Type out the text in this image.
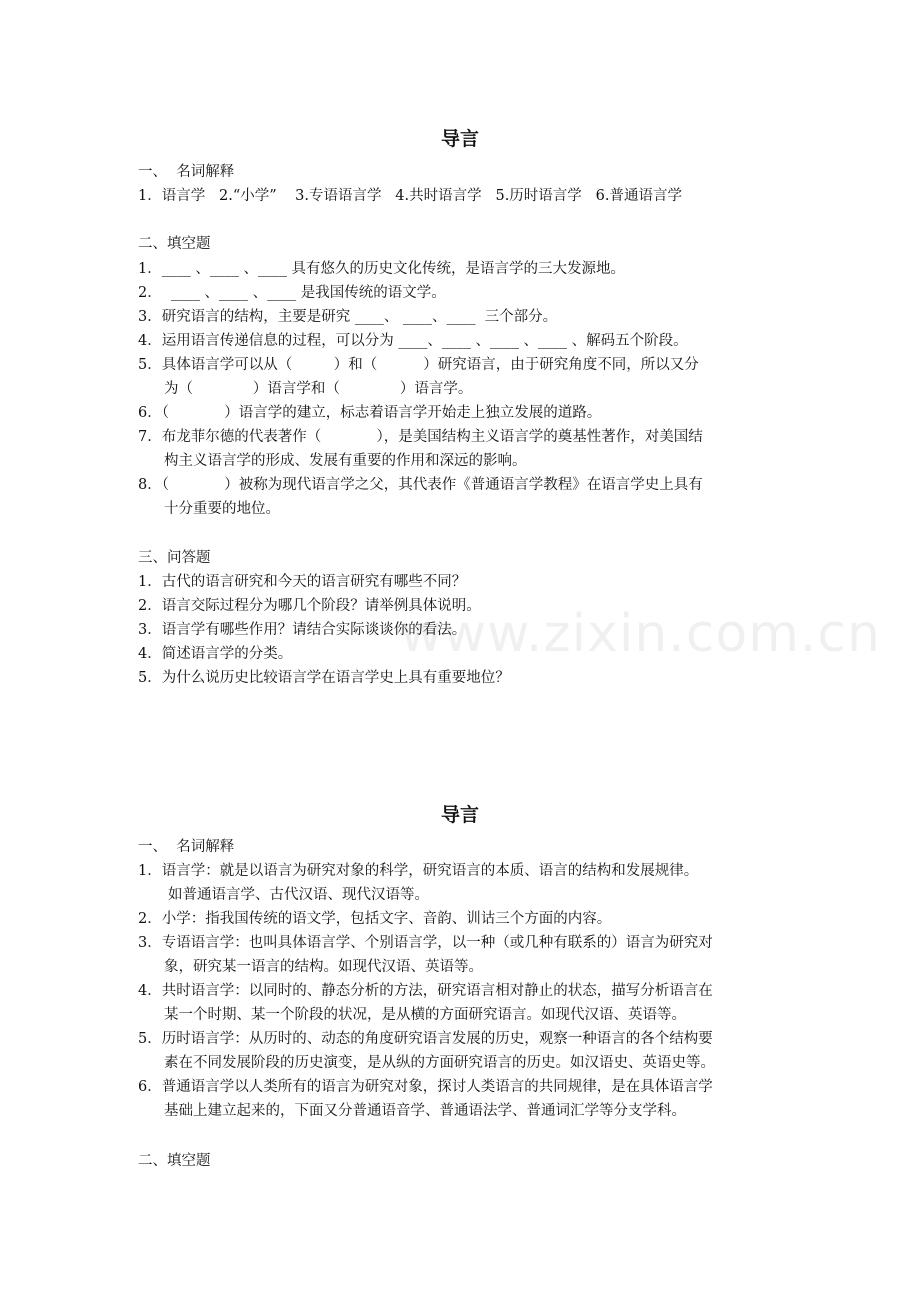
www.zixin.com.cn
导言
一、  名词解释
1．语言学   2.“小学”    3.专语语言学   4.共时语言学   5.历时语言学   6.普通语言学
二、填空题
1．____ 、____ 、____ 具有悠久的历史文化传统，是语言学的三大发源地。
2．  ____ 、____ 、____ 是我国传统的语文学。
3．研究语言的结构，主要是研究 ____、 ____、____  三个部分。
4．运用语言传递信息的过程，可以分为 ____、____ 、____ 、____ 、解码五个阶段。
5．具体语言学可以从（         ）和（          ）研究语言，由于研究角度不同，所以又分
为（             ）语言学和（             ）语言学。
6．（            ）语言学的建立，标志着语言学开始走上独立发展的道路。
7．布龙菲尔德的代表著作（            ），是美国结构主义语言学的奠基性著作，对美国结
构主义语言学的形成、发展有重要的作用和深远的影响。
8．（            ）被称为现代语言学之父，其代表作《普通语言学教程》在语言学史上具有
十分重要的地位。
三、问答题
1．古代的语言研究和今天的语言研究有哪些不同？
2．语言交际过程分为哪几个阶段？请举例具体说明。
3．语言学有哪些作用？请结合实际谈谈你的看法。
4．简述语言学的分类。
5．为什么说历史比较语言学在语言学史上具有重要地位？
导言
一、  名词解释
1．语言学：就是以语言为研究对象的科学，研究语言的本质、语言的结构和发展规律。
如普通语言学、古代汉语、现代汉语等。
2．小学：指我国传统的语文学，包括文字、音韵、训诂三个方面的内容。
3．专语语言学：也叫具体语言学、个别语言学，以一种（或几种有联系的）语言为研究对
象，研究某一语言的结构。如现代汉语、英语等。
4．共时语言学：以同时的、静态分析的方法，研究语言相对静止的状态，描写分析语言在
某一个时期、某一个阶段的状况，是从横的方面研究语言。如现代汉语、英语等。
5．历时语言学：从历时的、动态的角度研究语言发展的历史，观察一种语言的各个结构要
素在不同发展阶段的历史演变，是从纵的方面研究语言的历史。如汉语史、英语史等。
6．普通语言学以人类所有的语言为研究对象，探讨人类语言的共同规律，是在具体语言学
基础上建立起来的，下面又分普通语音学、普通语法学、普通词汇学等分支学科。
二、填空题
